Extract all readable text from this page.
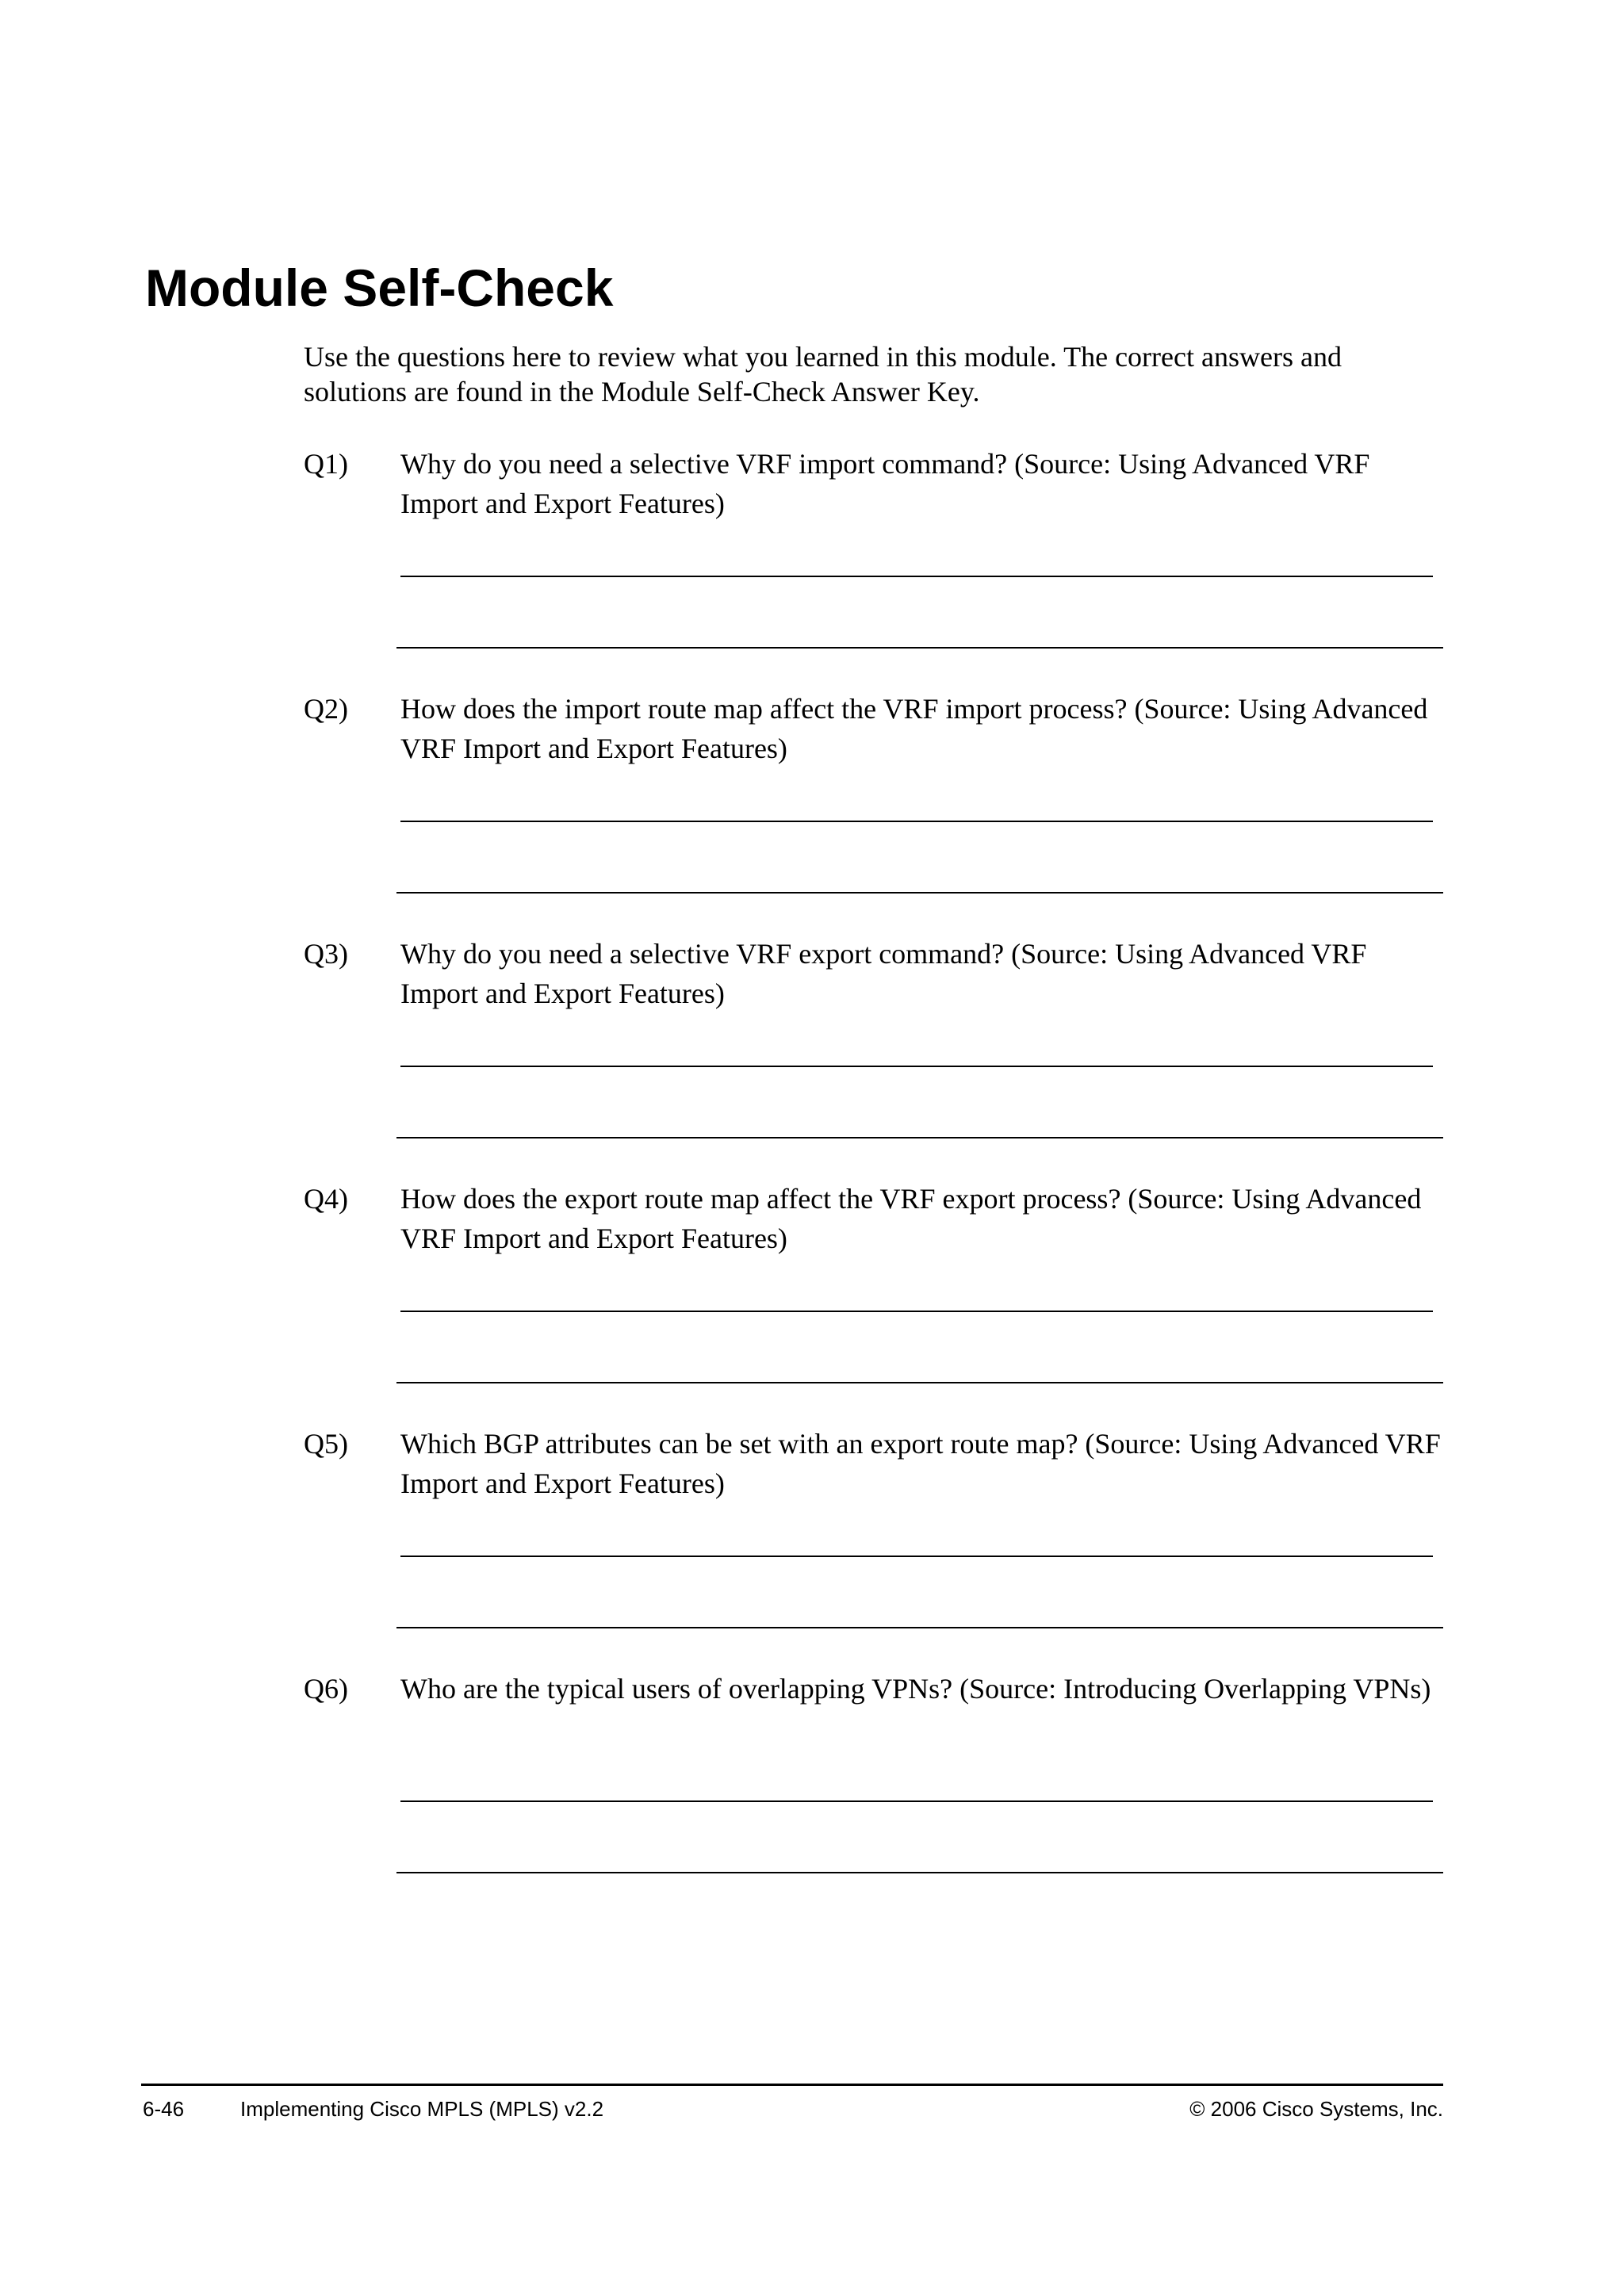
Module Self-Check

Use the questions here to review what you learned in this module. The correct answers and solutions are found in the Module Self-Check Answer Key.

Q1) Why do you need a selective VRF import command? (Source: Using Advanced VRF Import and Export Features)

Q2) How does the import route map affect the VRF import process? (Source: Using Advanced VRF Import and Export Features)

Q3) Why do you need a selective VRF export command? (Source: Using Advanced VRF Import and Export Features)

Q4) How does the export route map affect the VRF export process? (Source: Using Advanced VRF Import and Export Features)

Q5) Which BGP attributes can be set with an export route map? (Source: Using Advanced VRF Import and Export Features)

Q6) Who are the typical users of overlapping VPNs? (Source: Introducing Overlapping VPNs)

6-46	Implementing Cisco MPLS (MPLS) v2.2	© 2006 Cisco Systems, Inc.
